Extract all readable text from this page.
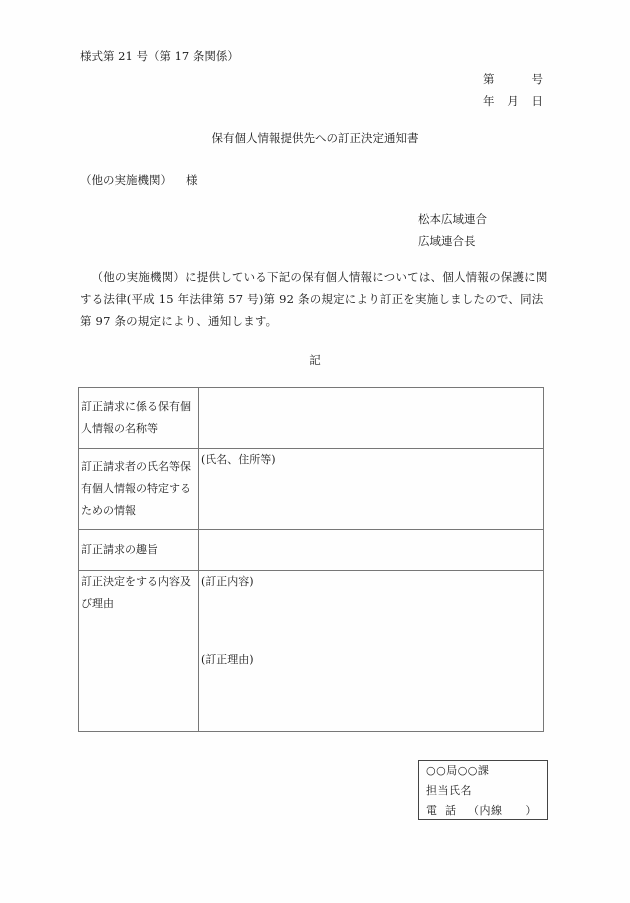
様式第 21 号（第 17 条関係）
第	号
年 月 日
保有個人情報提供先への訂正決定通知書
（他の実施機関） 様
松本広域連合
広域連合長
（他の実施機関）に提供している下記の保有個人情報については、個人情報の保護に関する法律(平成 15 年法律第 57 号)第 92 条の規定により訂正を実施しましたので、同法第 97 条の規定により、通知します。
記
訂正請求に係る保有個人情報の名称等	
訂正請求者の氏名等保有個人情報の特定するための情報	(氏名、住所等)
訂正請求の趣旨	
訂正決定をする内容及び理由	(訂正内容)
(訂正理由)
○○局○○課
担当氏名
電話 （内線　　）
